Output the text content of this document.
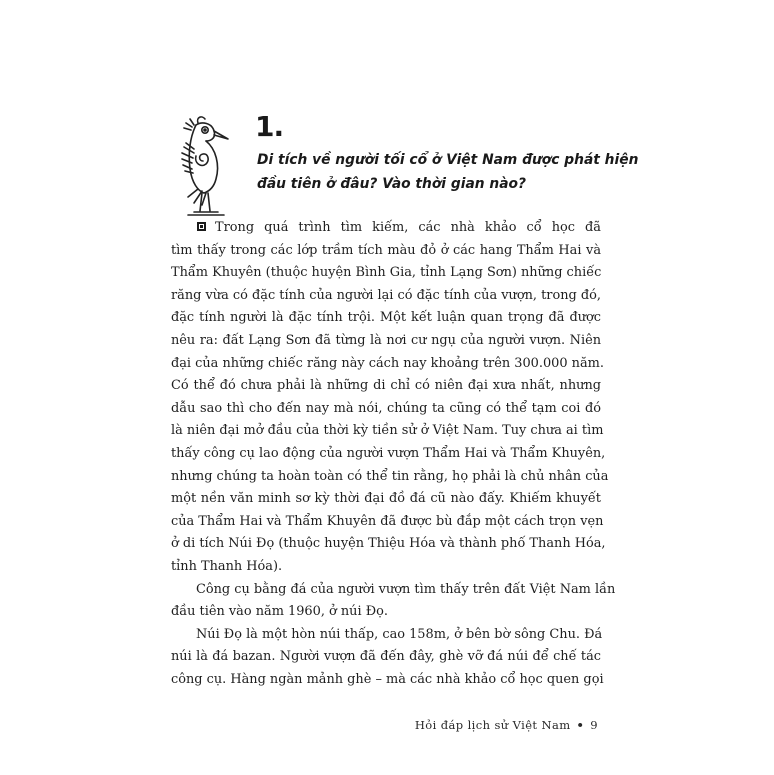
1.
Di tích về người tối cổ ở Việt Nam được phát hiện
đầu tiên ở đâu? Vào thời gian nào?
Trong quá trình tìm kiếm, các nhà khảo cổ học đã
tìm thấy trong các lớp trầm tích màu đỏ ở các hang Thẩm Hai và
Thẩm Khuyên (thuộc huyện Bình Gia, tỉnh Lạng Sơn) những chiếc
răng vừa có đặc tính của người lại có đặc tính của vượn, trong đó,
đặc tính người là đặc tính trội. Một kết luận quan trọng đã được
nêu ra: đất Lạng Sơn đã từng là nơi cư ngụ của người vượn. Niên
đại của những chiếc răng này cách nay khoảng trên 300.000 năm.
Có thể đó chưa phải là những di chỉ có niên đại xưa nhất, nhưng
dẫu sao thì cho đến nay mà nói, chúng ta cũng có thể tạm coi đó
là niên đại mở đầu của thời kỳ tiền sử ở Việt Nam. Tuy chưa ai tìm
thấy công cụ lao động của người vượn Thẩm Hai và Thẩm Khuyên,
nhưng chúng ta hoàn toàn có thể tin rằng, họ phải là chủ nhân của
một nền văn minh sơ kỳ thời đại đồ đá cũ nào đấy. Khiếm khuyết
của Thẩm Hai và Thẩm Khuyên đã được bù đắp một cách trọn vẹn
ở di tích Núi Đọ (thuộc huyện Thiệu Hóa và thành phố Thanh Hóa,
tỉnh Thanh Hóa).
Công cụ bằng đá của người vượn tìm thấy trên đất Việt Nam lần
đầu tiên vào năm 1960, ở núi Đọ.
Núi Đọ là một hòn núi thấp, cao 158m, ở bên bờ sông Chu. Đá
núi là đá bazan. Người vượn đã đến đây, ghè vỡ đá núi để chế tác
công cụ. Hàng ngàn mảnh ghè – mà các nhà khảo cổ học quen gọi
Hỏi đáp lịch sử Việt Nam • 9
